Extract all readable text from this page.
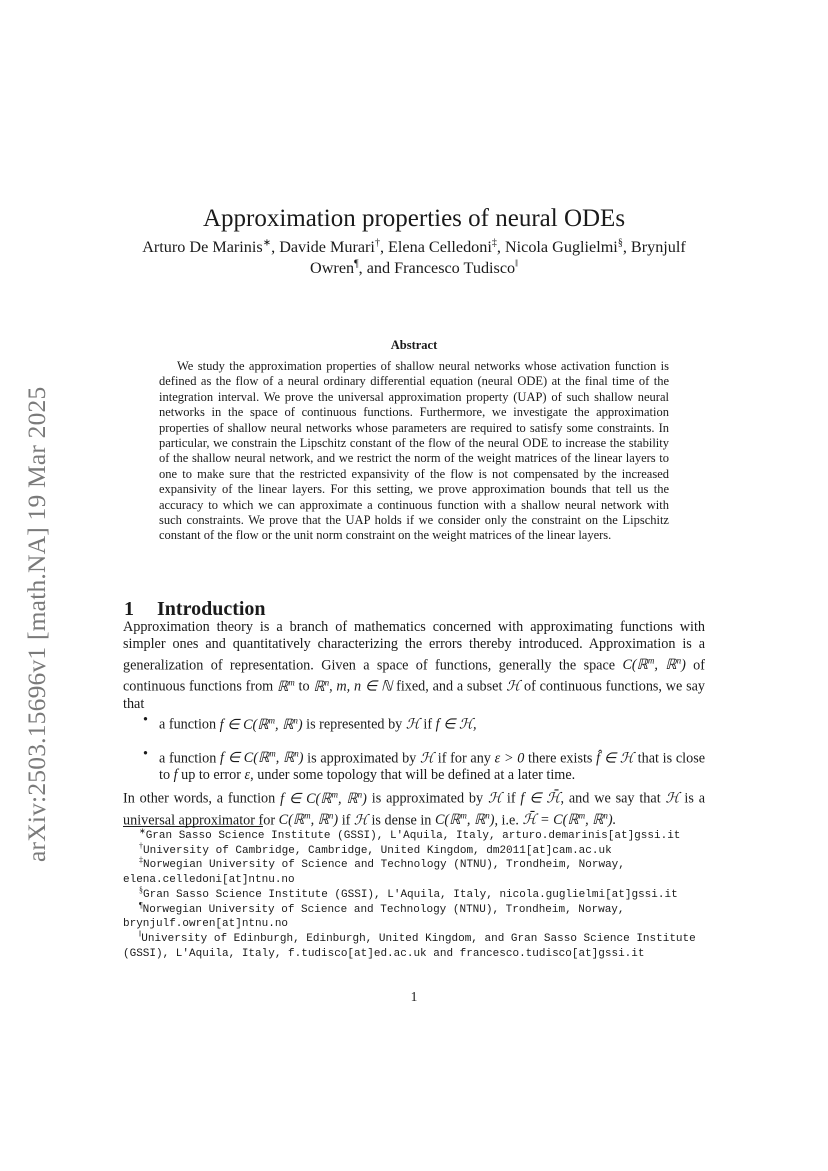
arXiv:2503.15696v1 [math.NA] 19 Mar 2025
Approximation properties of neural ODEs
Arturo De Marinis∗, Davide Murari†, Elena Celledoni‡, Nicola Guglielmi§, Brynjulf Owren¶, and Francesco Tudisco‖
Abstract

We study the approximation properties of shallow neural networks whose activation function is defined as the flow of a neural ordinary differential equation (neural ODE) at the final time of the integration interval. We prove the universal approximation property (UAP) of such shallow neural networks in the space of continuous functions. Furthermore, we investigate the approximation properties of shallow neural networks whose parameters are required to satisfy some constraints. In particular, we constrain the Lipschitz constant of the flow of the neural ODE to increase the stability of the shallow neural network, and we restrict the norm of the weight matrices of the linear layers to one to make sure that the restricted expansivity of the flow is not compensated by the increased expansivity of the linear layers. For this setting, we prove approximation bounds that tell us the accuracy to which we can approximate a continuous function with a shallow neural network with such constraints. We prove that the UAP holds if we consider only the constraint on the Lipschitz constant of the flow or the unit norm constraint on the weight matrices of the linear layers.

1 Introduction

Approximation theory is a branch of mathematics concerned with approximating functions with simpler ones and quantitatively characterizing the errors thereby introduced. Approximation is a generalization of representation. Given a space of functions, generally the space C(ℝ$^m$, ℝ$^n$) of continuous functions from ℝ$^m$ to ℝ$^n$, m, n ∈ ℕ fixed, and a subset ℋ of continuous functions, we say that

• a function f ∈ C(ℝ$^m$, ℝ$^n$) is represented by ℋ if f ∈ ℋ,
• a function f ∈ C(ℝ$^m$, ℝ$^n$) is approximated by ℋ if for any ε > 0 there exists f̂ ∈ ℋ that is close to f up to error ε, under some topology that will be defined at a later time.

In other words, a function f ∈ C(ℝ$^m$, ℝ$^n$) is approximated by ℋ if f ∈ ℋ̄, and we say that ℋ is a universal approximator for C(ℝ$^m$, ℝ$^n$) if ℋ is dense in C(ℝ$^m$, ℝ$^n$), i.e. ℋ̄ = C(ℝ$^m$, ℝ$^n$).

∗Gran Sasso Science Institute (GSSI), L'Aquila, Italy, arturo.demarinis[at]gssi.it
†University of Cambridge, Cambridge, United Kingdom, dm2011[at]cam.ac.uk
‡Norwegian University of Science and Technology (NTNU), Trondheim, Norway, elena.celledoni[at]ntnu.no
§Gran Sasso Science Institute (GSSI), L'Aquila, Italy, nicola.guglielmi[at]gssi.it
¶Norwegian University of Science and Technology (NTNU), Trondheim, Norway, brynjulf.owren[at]ntnu.no
‖University of Edinburgh, Edinburgh, United Kingdom, and Gran Sasso Science Institute (GSSI), L'Aquila, Italy, f.tudisco[at]ed.ac.uk and francesco.tudisco[at]gssi.it
1
